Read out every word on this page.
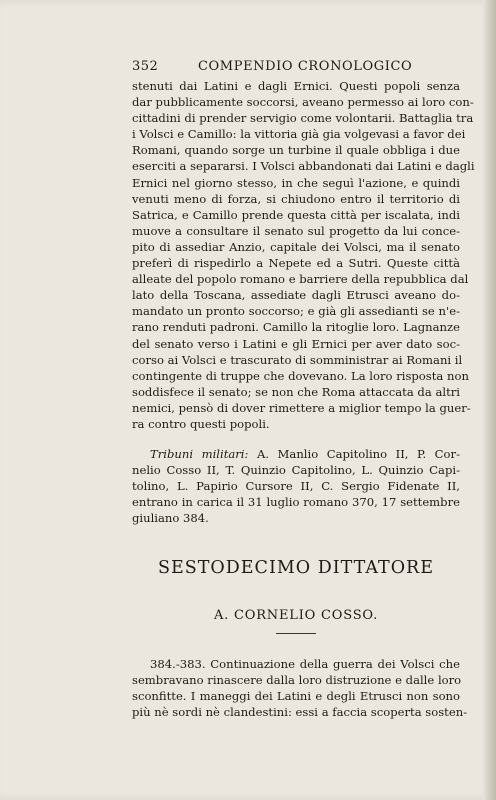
352	COMPENDIO CRONOLOGICO
stenuti dai Latini e dagli Ernici. Questi popoli senza
dar pubblicamente soccorsi, aveano permesso ai loro con-
cittadini di prender servigio come volontarii. Battaglia tra
i Volsci e Camillo: la vittoria già gia volgevasi a favor dei
Romani, quando sorge un turbine il quale obbliga i due
eserciti a separarsi. I Volsci abbandonati dai Latini e dagli
Ernici nel giorno stesso, in che seguì l'azione, e quindi
venuti meno di forza, si chiudono entro il territorio di
Satrica, e Camillo prende questa città per iscalata, indi
muove a consultare il senato sul progetto da lui conce-
pito di assediar Anzio, capitale dei Volsci, ma il senato
preferì di rispedirlo a Nepete ed a Sutri. Queste città
alleate del popolo romano e barriere della repubblica dal
lato della Toscana, assediate dagli Etrusci aveano do-
mandato un pronto soccorso; e già gli assedianti se n'e-
rano renduti padroni. Camillo la ritoglie loro. Lagnanze
del senato verso i Latini e gli Ernici per aver dato soc-
corso ai Volsci e trascurato di somministrar ai Romani il
contingente di truppe che dovevano. La loro risposta non
soddisfece il senato; se non che Roma attaccata da altri
nemici, pensò di dover rimettere a miglior tempo la guer-
ra contro questi popoli.
Tribuni militari: A. Manlio Capitolino II, P. Cor-
nelio Cosso II, T. Quinzio Capitolino, L. Quinzio Capi-
tolino, L. Papirio Cursore II, C. Sergio Fidenate II,
entrano in carica il 31 luglio romano 370, 17 settembre
giuliano 384.
SESTODECIMO DITTATORE
A. CORNELIO COSSO.
384.-383. Continuazione della guerra dei Volsci che
sembravano rinascere dalla loro distruzione e dalle loro
sconfitte. I maneggi dei Latini e degli Etrusci non sono
più nè sordi nè clandestini: essi a faccia scoperta sosten-
